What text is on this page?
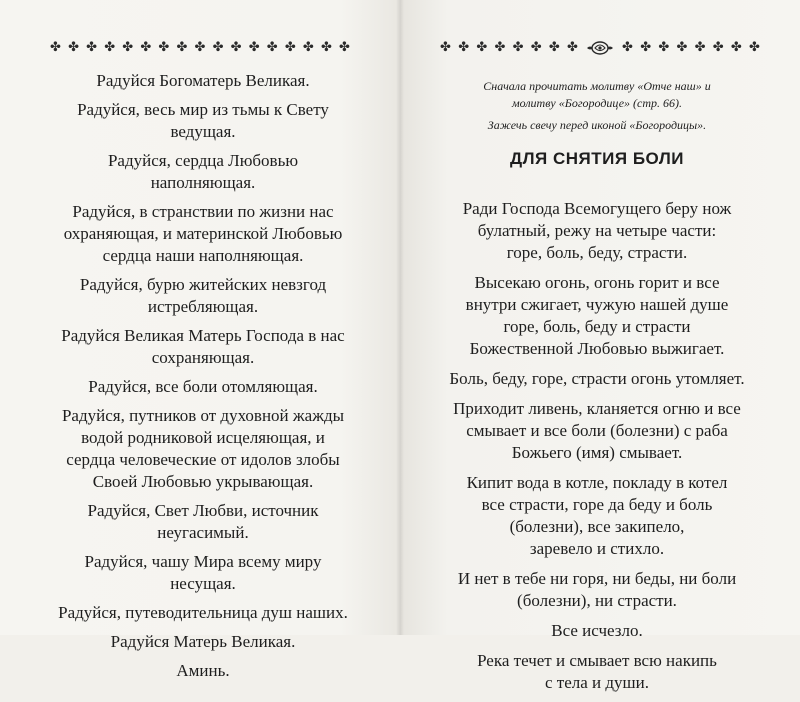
✤ ✤ ✤ ✤ ✤ ✤ ✤ ✤ ✤ ✤ ✤ ✤ ✤ ✤ ✤ ✤ ✤

Радуйся Богоматерь Великая.

Радуйся, весь мир из тьмы к Свету
ведущая.

Радуйся, сердца Любовью
наполняющая.

Радуйся, в странствии по жизни нас
охраняющая, и материнской Любовью
сердца наши наполняющая.

Радуйся, бурю житейских невзгод
истребляющая.

Радуйся Великая Матерь Господа в нас
сохраняющая.

Радуйся, все боли отомляющая.

Радуйся, путников от духовной жажды
водой родниковой исцеляющая, и
сердца человеческие от идолов злобы
Своей Любовью укрывающая.

Радуйся, Свет Любви, источник
неугасимый.

Радуйся, чашу Мира всему миру
несущая.

Радуйся, путеводительница душ наших.

Радуйся Матерь Великая.

Аминь.

✤ ✤ ✤ ✤ ✤ ✤ ✤ ✤	✤ ✤ ✤ ✤ ✤ ✤ ✤ ✤

Сначала прочитать молитву «Отче наш» и
молитву «Богородице» (стр. 66).

Зажечь свечу перед иконой «Богородицы».

ДЛЯ СНЯТИЯ БОЛИ

Ради Господа Всемогущего беру нож
булатный, режу на четыре части:
горе, боль, беду, страсти.

Высекаю огонь, огонь горит и все
внутри сжигает, чужую нашей душе
горе, боль, беду и страсти
Божественной Любовью выжигает.

Боль, беду, горе, страсти огонь утомляет.

Приходит ливень, кланяется огню и все
смывает и все боли (болезни) с раба
Божьего (имя) смывает.

Кипит вода в котле, покладу в котел
все страсти, горе да беду и боль
(болезни), все закипело,
заревело и стихло.

И нет в тебе ни горя, ни беды, ни боли
(болезни), ни страсти.

Все исчезло.

Река течет и смывает всю накипь
с тела и души.
